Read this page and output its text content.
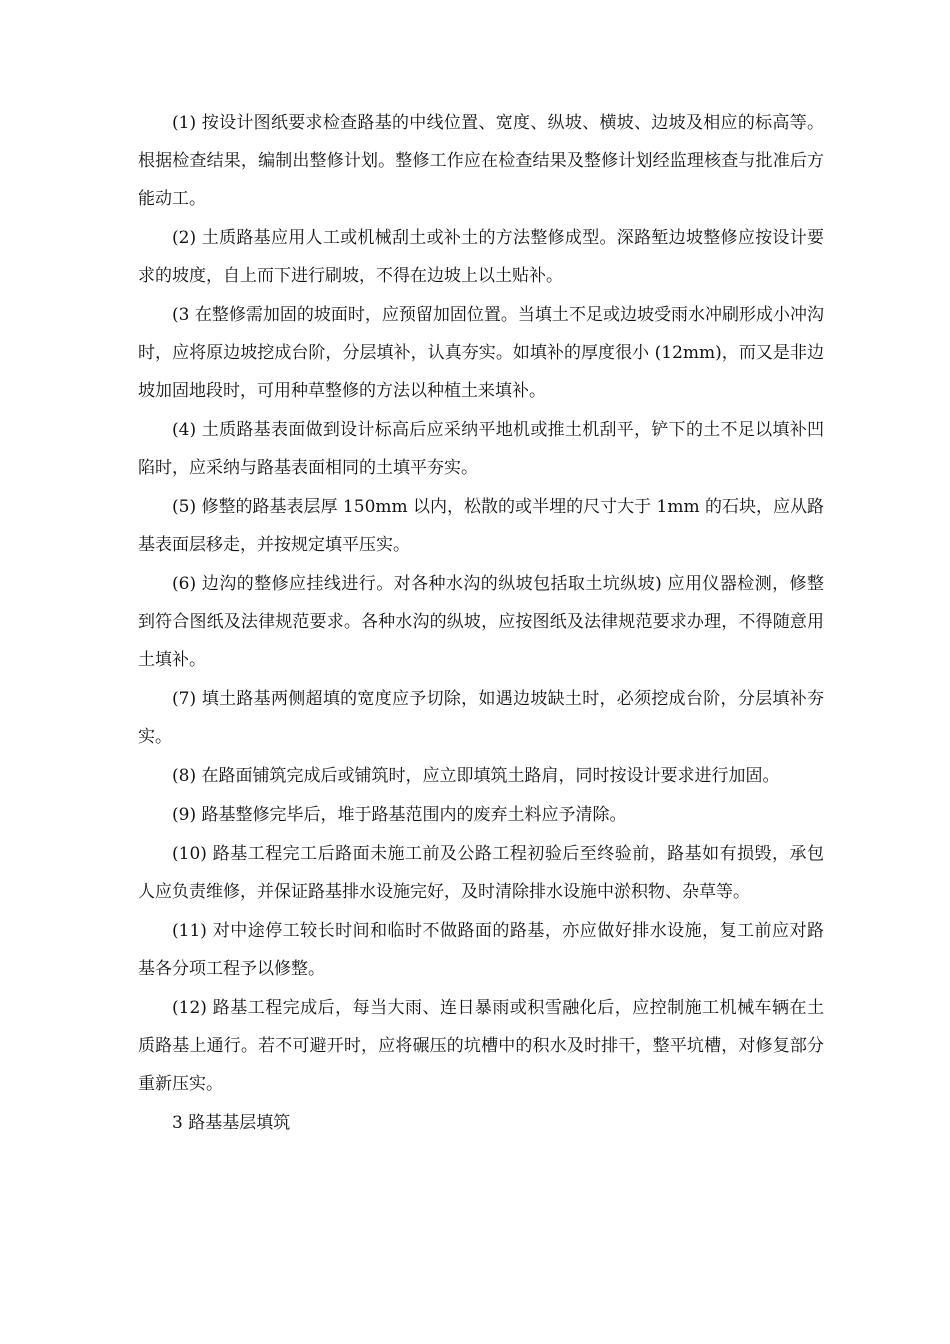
(1) 按设计图纸要求检查路基的中线位置、宽度、纵坡、横坡、边坡及相应的标高等。根据检查结果，编制出整修计划。整修工作应在检查结果及整修计划经监理核查与批准后方能动工。

(2) 土质路基应用人工或机械刮土或补土的方法整修成型。深路堑边坡整修应按设计要求的坡度，自上而下进行刷坡，不得在边坡上以土贴补。

(3 在整修需加固的坡面时，应预留加固位置。当填土不足或边坡受雨水冲刷形成小冲沟时，应将原边坡挖成台阶，分层填补，认真夯实。如填补的厚度很小 (12mm)，而又是非边坡加固地段时，可用种草整修的方法以种植土来填补。

(4) 土质路基表面做到设计标高后应采纳平地机或推土机刮平，铲下的土不足以填补凹陷时，应采纳与路基表面相同的土填平夯实。

(5) 修整的路基表层厚 150mm 以内，松散的或半埋的尺寸大于 1mm 的石块，应从路基表面层移走，并按规定填平压实。

(6) 边沟的整修应挂线进行。对各种水沟的纵坡包括取土坑纵坡) 应用仪器检测，修整到符合图纸及法律规范要求。各种水沟的纵坡，应按图纸及法律规范要求办理，不得随意用土填补。

(7) 填土路基两侧超填的宽度应予切除，如遇边坡缺土时，必须挖成台阶，分层填补夯实。

(8) 在路面铺筑完成后或铺筑时，应立即填筑土路肩，同时按设计要求进行加固。

(9) 路基整修完毕后，堆于路基范围内的废弃土料应予清除。

(10) 路基工程完工后路面未施工前及公路工程初验后至终验前，路基如有损毁，承包人应负责维修，并保证路基排水设施完好，及时清除排水设施中淤积物、杂草等。

(11) 对中途停工较长时间和临时不做路面的路基，亦应做好排水设施，复工前应对路基各分项工程予以修整。

(12) 路基工程完成后，每当大雨、连日暴雨或积雪融化后，应控制施工机械车辆在土质路基上通行。若不可避开时，应将碾压的坑槽中的积水及时排干，整平坑槽，对修复部分重新压实。

3 路基基层填筑
